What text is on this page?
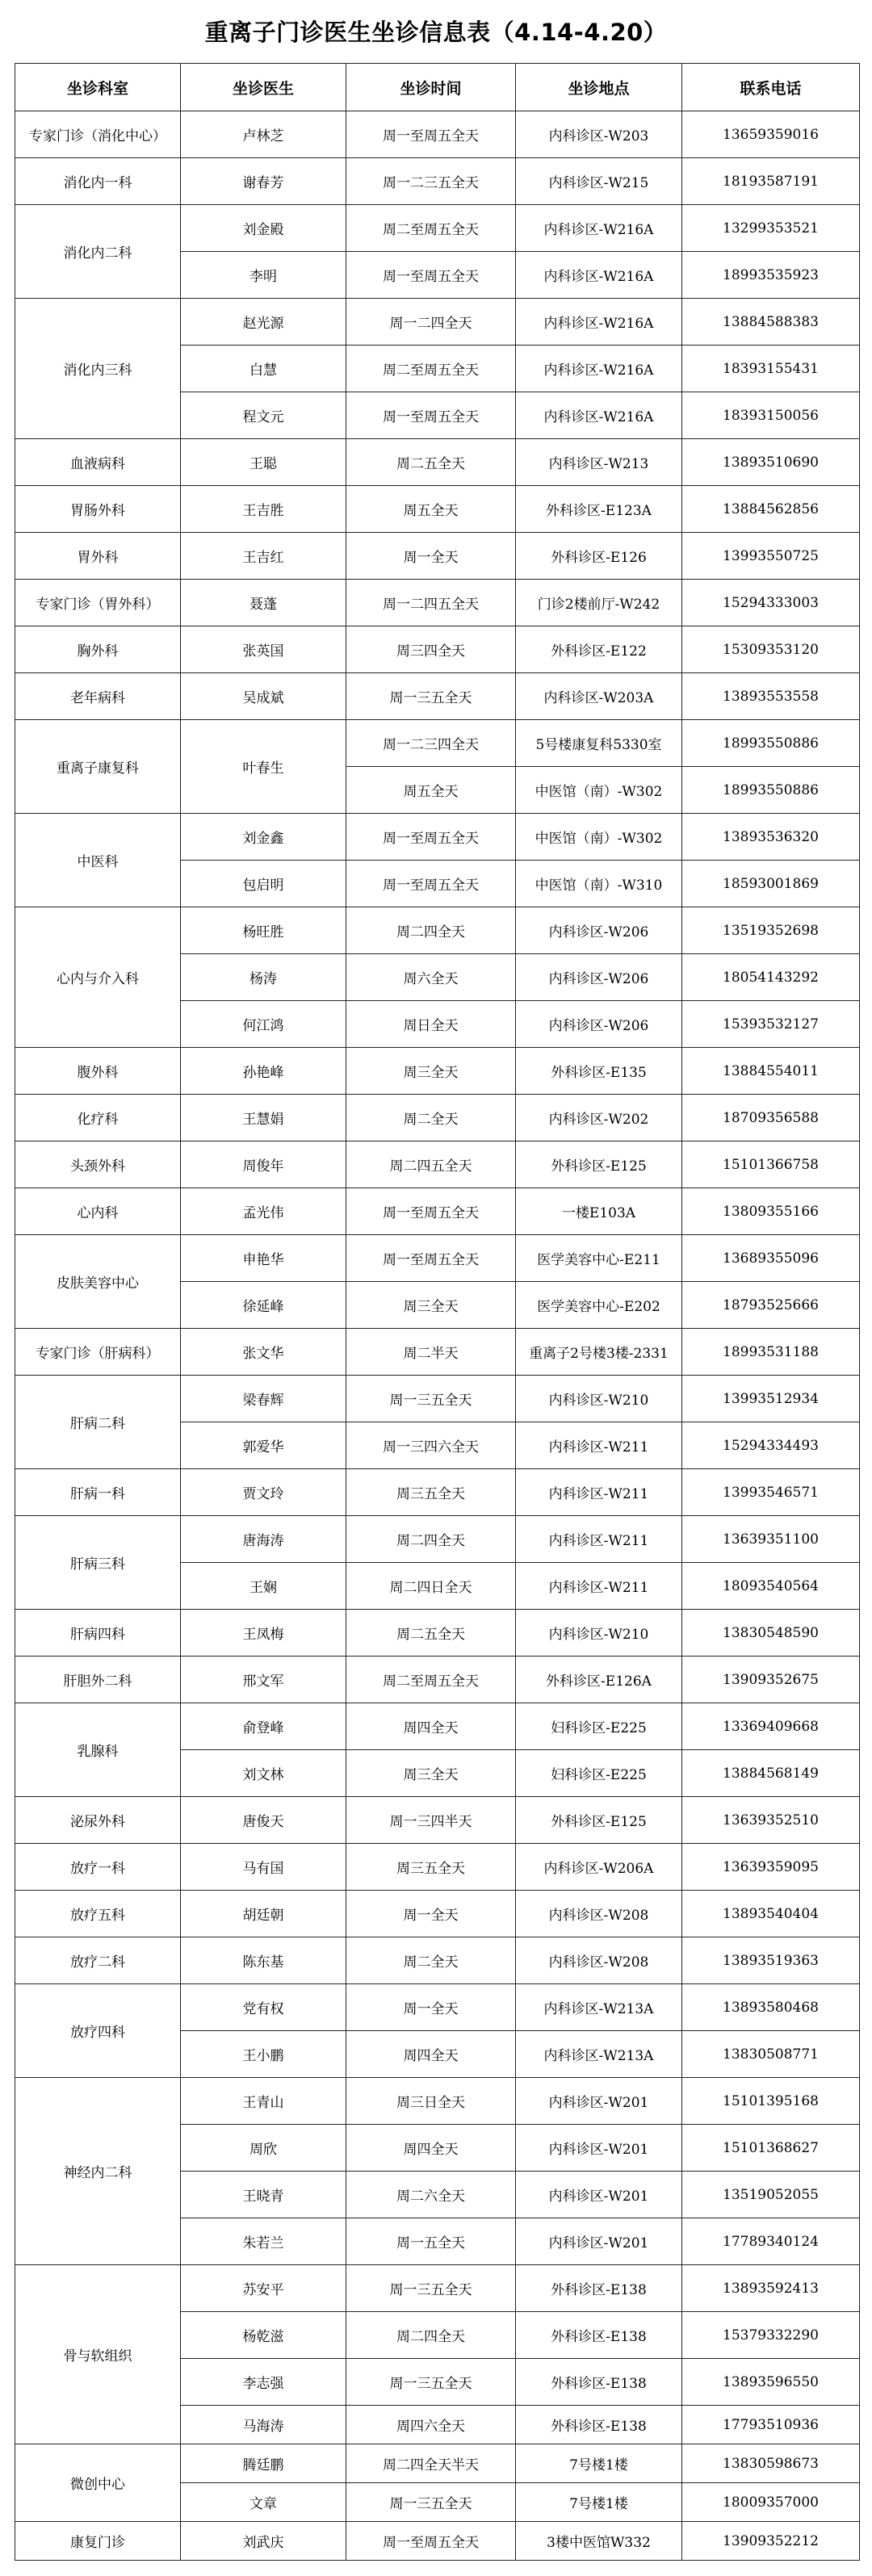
重离子门诊医生坐诊信息表（4.14-4.20）
坐诊科室	坐诊医生	坐诊时间	坐诊地点	联系电话
专家门诊（消化中心）	卢林芝	周一至周五全天	内科诊区-W203	13659359016
消化内一科	谢春芳	周一二三五全天	内科诊区-W215	18193587191
消化内二科	刘金殿	周二至周五全天	内科诊区-W216A	13299353521
	李明	周一至周五全天	内科诊区-W216A	18993535923
消化内三科	赵光源	周一二四全天	内科诊区-W216A	13884588383
	白慧	周二至周五全天	内科诊区-W216A	18393155431
	程文元	周一至周五全天	内科诊区-W216A	18393150056
血液病科	王聪	周二五全天	内科诊区-W213	13893510690
胃肠外科	王吉胜	周五全天	外科诊区-E123A	13884562856
胃外科	王吉红	周一全天	外科诊区-E126	13993550725
专家门诊（胃外科）	聂蓬	周一二四五全天	门诊2楼前厅-W242	15294333003
胸外科	张英国	周三四全天	外科诊区-E122	15309353120
老年病科	吴成斌	周一三五全天	内科诊区-W203A	13893553558
重离子康复科	叶春生	周一二三四全天	5号楼康复科5330室	18993550886
		周五全天	中医馆（南）-W302	18993550886
中医科	刘金鑫	周一至周五全天	中医馆（南）-W302	13893536320
	包启明	周一至周五全天	中医馆（南）-W310	18593001869
心内与介入科	杨旺胜	周二四全天	内科诊区-W206	13519352698
	杨涛	周六全天	内科诊区-W206	18054143292
	何江鸿	周日全天	内科诊区-W206	15393532127
腹外科	孙艳峰	周三全天	外科诊区-E135	13884554011
化疗科	王慧娟	周二全天	内科诊区-W202	18709356588
头颈外科	周俊年	周二四五全天	外科诊区-E125	15101366758
心内科	孟光伟	周一至周五全天	一楼E103A	13809355166
皮肤美容中心	申艳华	周一至周五全天	医学美容中心-E211	13689355096
	徐延峰	周三全天	医学美容中心-E202	18793525666
专家门诊（肝病科）	张文华	周二半天	重离子2号楼3楼-2331	18993531188
肝病二科	梁春辉	周一三五全天	内科诊区-W210	13993512934
	郭爱华	周一三四六全天	内科诊区-W211	15294334493
肝病一科	贾文玲	周三五全天	内科诊区-W211	13993546571
肝病三科	唐海涛	周二四全天	内科诊区-W211	13639351100
	王娴	周二四日全天	内科诊区-W211	18093540564
肝病四科	王凤梅	周二五全天	内科诊区-W210	13830548590
肝胆外二科	邢文军	周二至周五全天	外科诊区-E126A	13909352675
乳腺科	俞登峰	周四全天	妇科诊区-E225	13369409668
	刘文林	周三全天	妇科诊区-E225	13884568149
泌尿外科	唐俊天	周一三四半天	外科诊区-E125	13639352510
放疗一科	马有国	周三五全天	内科诊区-W206A	13639359095
放疗五科	胡廷朝	周一全天	内科诊区-W208	13893540404
放疗二科	陈东基	周二全天	内科诊区-W208	13893519363
放疗四科	党有权	周一全天	内科诊区-W213A	13893580468
	王小鹏	周四全天	内科诊区-W213A	13830508771
神经内二科	王青山	周三日全天	内科诊区-W201	15101395168
	周欣	周四全天	内科诊区-W201	15101368627
	王晓青	周二六全天	内科诊区-W201	13519052055
	朱若兰	周一五全天	内科诊区-W201	17789340124
骨与软组织	苏安平	周一三五全天	外科诊区-E138	13893592413
	杨乾滋	周二四全天	外科诊区-E138	15379332290
	李志强	周一三五全天	外科诊区-E138	13893596550
	马海涛	周四六全天	外科诊区-E138	17793510936
微创中心	腾廷鹏	周二四全天半天	7号楼1楼	13830598673
	文章	周一三五全天	7号楼1楼	18009357000
康复门诊	刘武庆	周一至周五全天	3楼中医馆W332	13909352212
